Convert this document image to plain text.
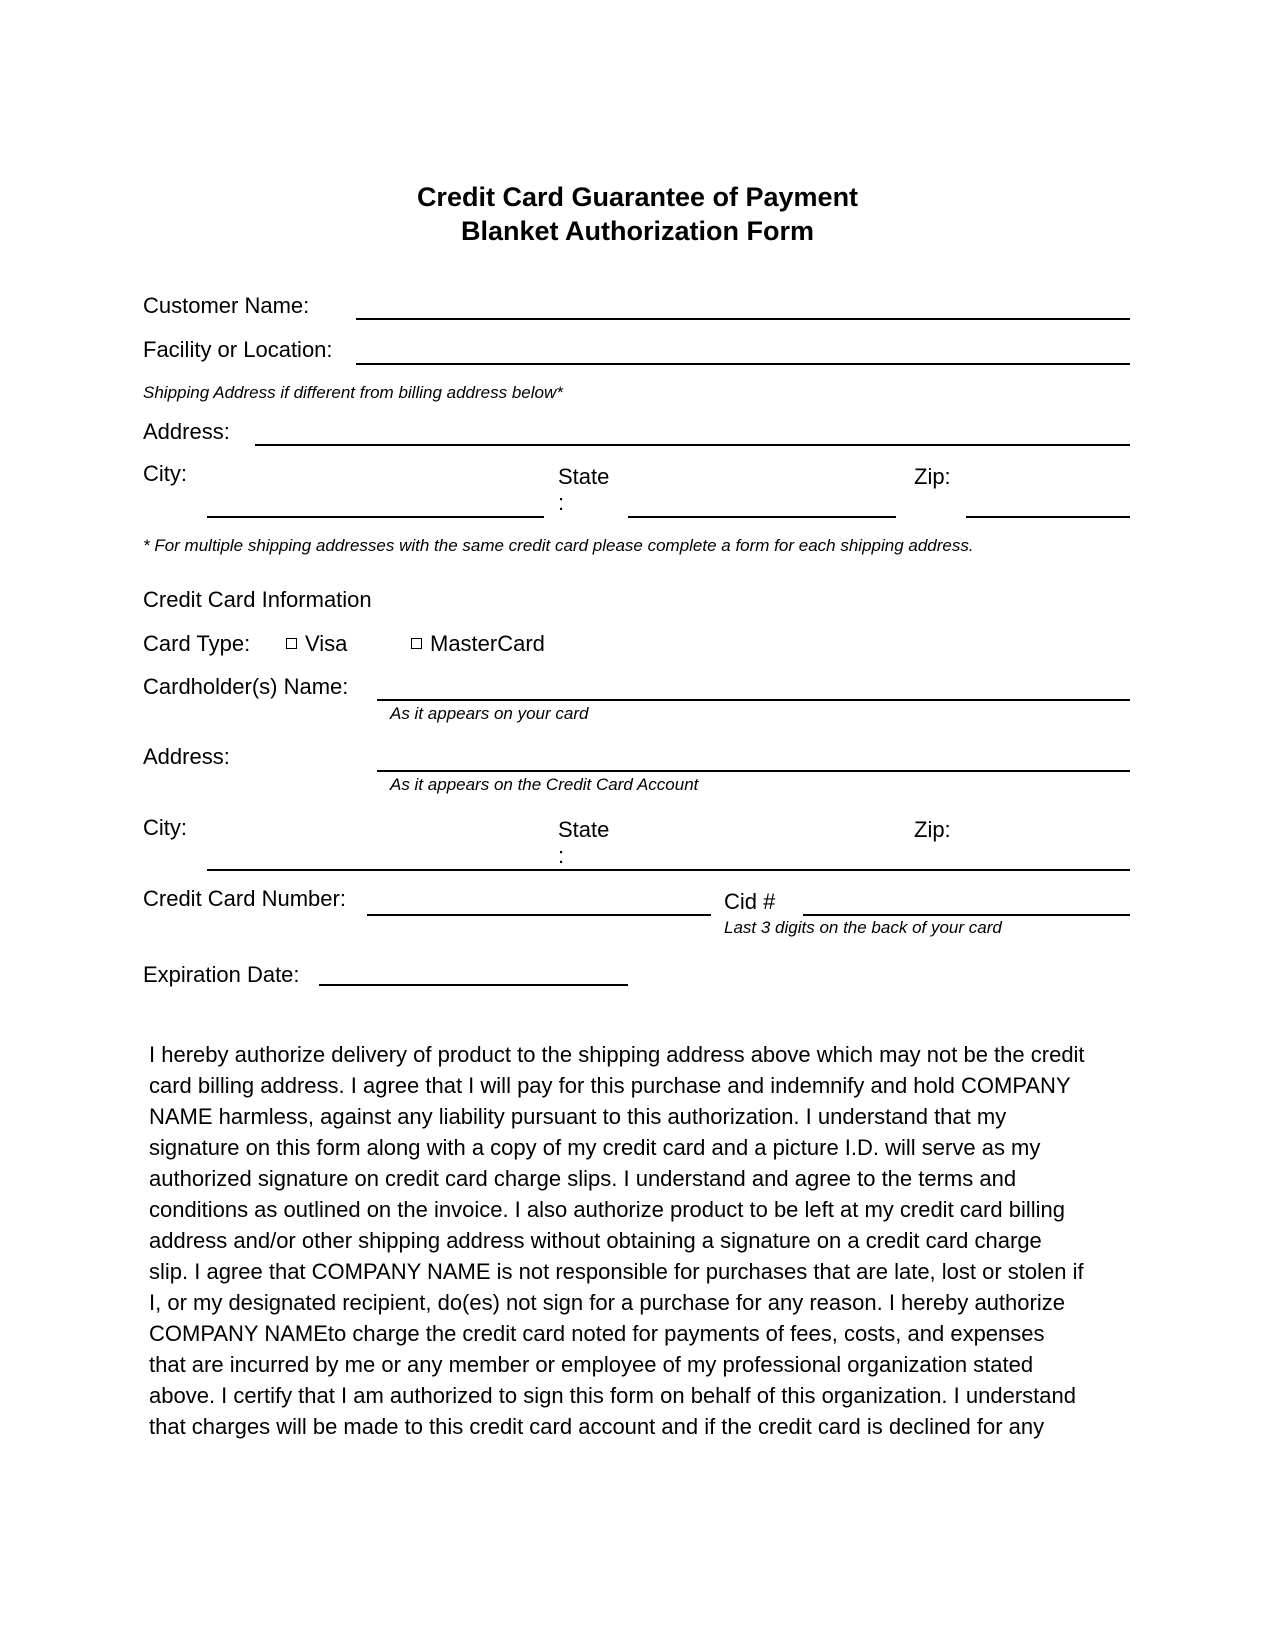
Credit Card Guarantee of Payment
Blanket Authorization Form
Customer Name:
Facility or Location:
Shipping Address if different from billing address below*
Address:
City:	State
:
Zip:
* For multiple shipping addresses with the same credit card please complete a form for each shipping address.
Credit Card Information
Card Type:	Visa	MasterCard
Cardholder(s) Name:
As it appears on your card
Address:
As it appears on the Credit Card Account
City:	State
:
Zip:
Credit Card Number:	Cid #
Last 3 digits on the back of your card
Expiration Date:
I hereby authorize delivery of product to the shipping address above which may not be the credit
card billing address. I agree that I will pay for this purchase and indemnify and hold COMPANY
NAME harmless, against any liability pursuant to this authorization. I understand that my
signature on this form along with a copy of my credit card and a picture I.D. will serve as my
authorized signature on credit card charge slips. I understand and agree to the terms and
conditions as outlined on the invoice. I also authorize product to be left at my credit card billing
address and/or other shipping address without obtaining a signature on a credit card charge
slip. I agree that COMPANY NAME is not responsible for purchases that are late, lost or stolen if
I, or my designated recipient, do(es) not sign for a purchase for any reason. I hereby authorize
COMPANY NAMEto charge the credit card noted for payments of fees, costs, and expenses
that are incurred by me or any member or employee of my professional organization stated
above. I certify that I am authorized to sign this form on behalf of this organization. I understand
that charges will be made to this credit card account and if the credit card is declined for any
